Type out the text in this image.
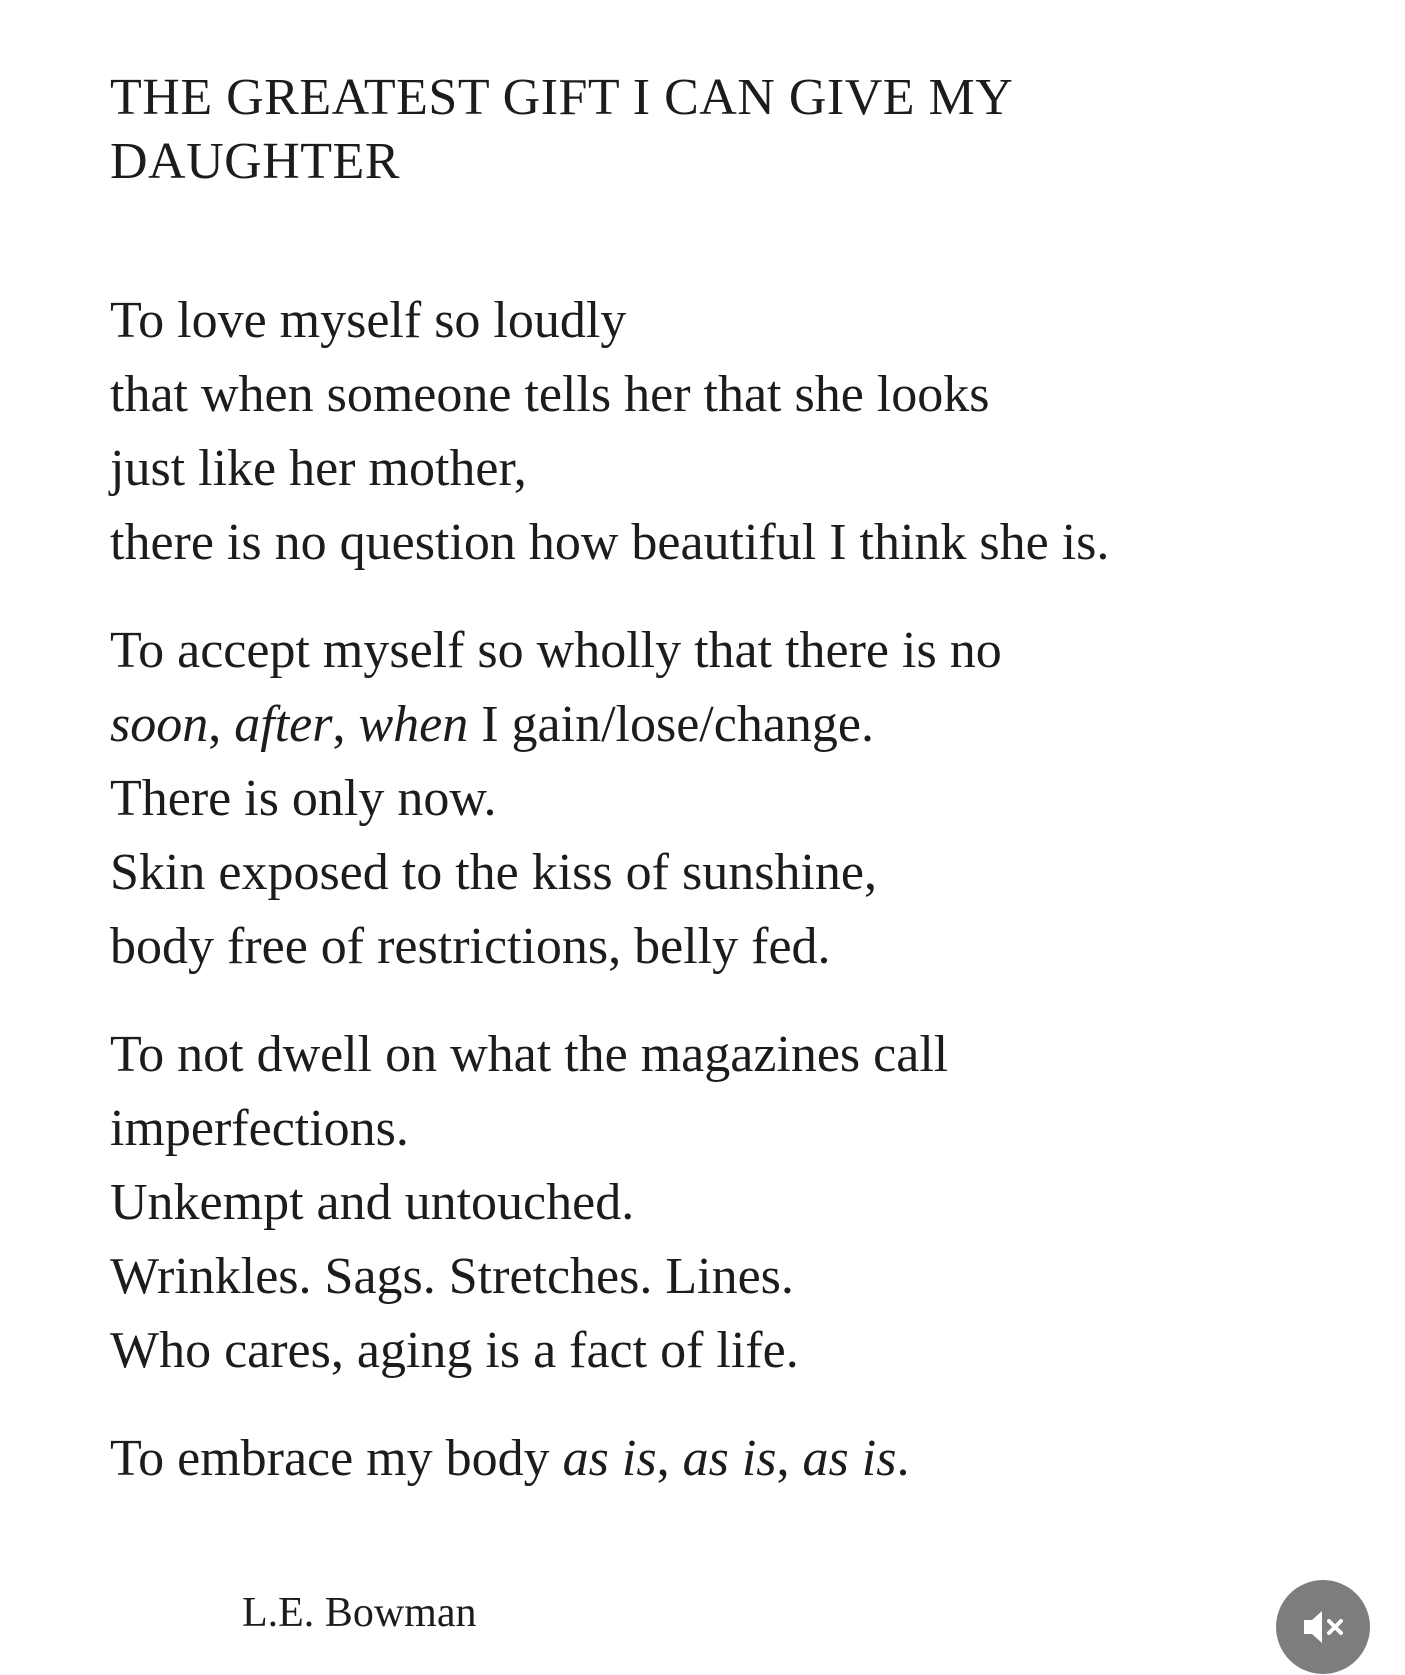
THE GREATEST GIFT I CAN GIVE MY DAUGHTER

To love myself so loudly
that when someone tells her that she looks
just like her mother,
there is no question how beautiful I think she is.

To accept myself so wholly that there is no
soon, after, when I gain/lose/change.
There is only now.
Skin exposed to the kiss of sunshine,
body free of restrictions, belly fed.

To not dwell on what the magazines call
imperfections.
Unkempt and untouched.
Wrinkles. Sags. Stretches. Lines.
Who cares, aging is a fact of life.

To embrace my body as is, as is, as is.

L.E. Bowman
